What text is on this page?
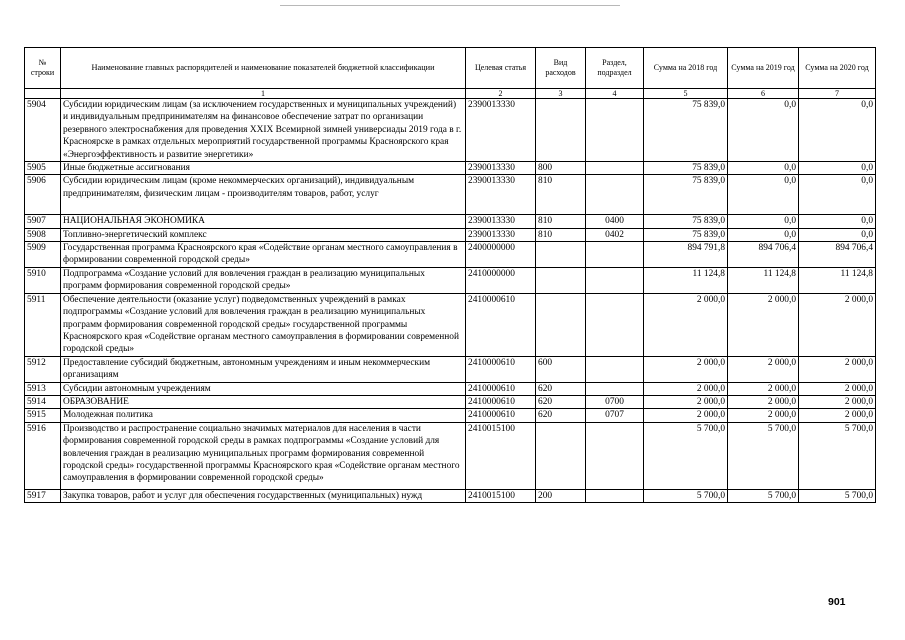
№ строки	Наименование главных распорядителей и наименование показателей бюджетной классификации	Целевая статья	Вид расходов	Раздел, подраздел	Сумма на 2018 год	Сумма на 2019 год	Сумма на 2020 год
	1	2	3	4	5	6	7
5904	Субсидии юридическим лицам (за исключением государственных и муниципальных учреждений) и индивидуальным предпринимателям на финансовое обеспечение затрат по организации резервного электроснабжения для проведения XXIX Всемирной зимней универсиады 2019 года в г. Красноярске в рамках отдельных мероприятий государственной программы Красноярского края «Энергоэффективность и развитие энергетики»	2390013330			75 839,0	0,0	0,0
5905	Иные бюджетные ассигнования	2390013330	800		75 839,0	0,0	0,0
5906	Субсидии юридическим лицам (кроме некоммерческих организаций), индивидуальным предпринимателям, физическим лицам - производителям товаров, работ, услуг	2390013330	810		75 839,0	0,0	0,0
5907	НАЦИОНАЛЬНАЯ ЭКОНОМИКА	2390013330	810	0400	75 839,0	0,0	0,0
5908	Топливно-энергетический комплекс	2390013330	810	0402	75 839,0	0,0	0,0
5909	Государственная программа Красноярского края «Содействие органам местного самоуправления в формировании современной городской среды»	2400000000			894 791,8	894 706,4	894 706,4
5910	Подпрограмма «Создание условий для вовлечения граждан в реализацию муниципальных программ формирования современной городской среды»	2410000000			11 124,8	11 124,8	11 124,8
5911	Обеспечение деятельности (оказание услуг) подведомственных учреждений в рамках подпрограммы «Создание условий для вовлечения граждан в реализацию муниципальных программ формирования современной городской среды» государственной программы Красноярского края «Содействие органам местного самоуправления в формировании современной городской среды»	2410000610			2 000,0	2 000,0	2 000,0
5912	Предоставление субсидий бюджетным, автономным учреждениям и иным некоммерческим организациям	2410000610	600		2 000,0	2 000,0	2 000,0
5913	Субсидии автономным учреждениям	2410000610	620		2 000,0	2 000,0	2 000,0
5914	ОБРАЗОВАНИЕ	2410000610	620	0700	2 000,0	2 000,0	2 000,0
5915	Молодежная политика	2410000610	620	0707	2 000,0	2 000,0	2 000,0
5916	Производство и распространение социально значимых материалов для населения в части формирования современной городской среды в рамках подпрограммы «Создание условий для вовлечения граждан в реализацию муниципальных программ формирования современной городской среды» государственной программы Красноярского края «Содействие органам местного самоуправления в формировании современной городской среды»	2410015100			5 700,0	5 700,0	5 700,0
5917	Закупка товаров, работ и услуг для обеспечения государственных (муниципальных) нужд	2410015100	200		5 700,0	5 700,0	5 700,0
901
